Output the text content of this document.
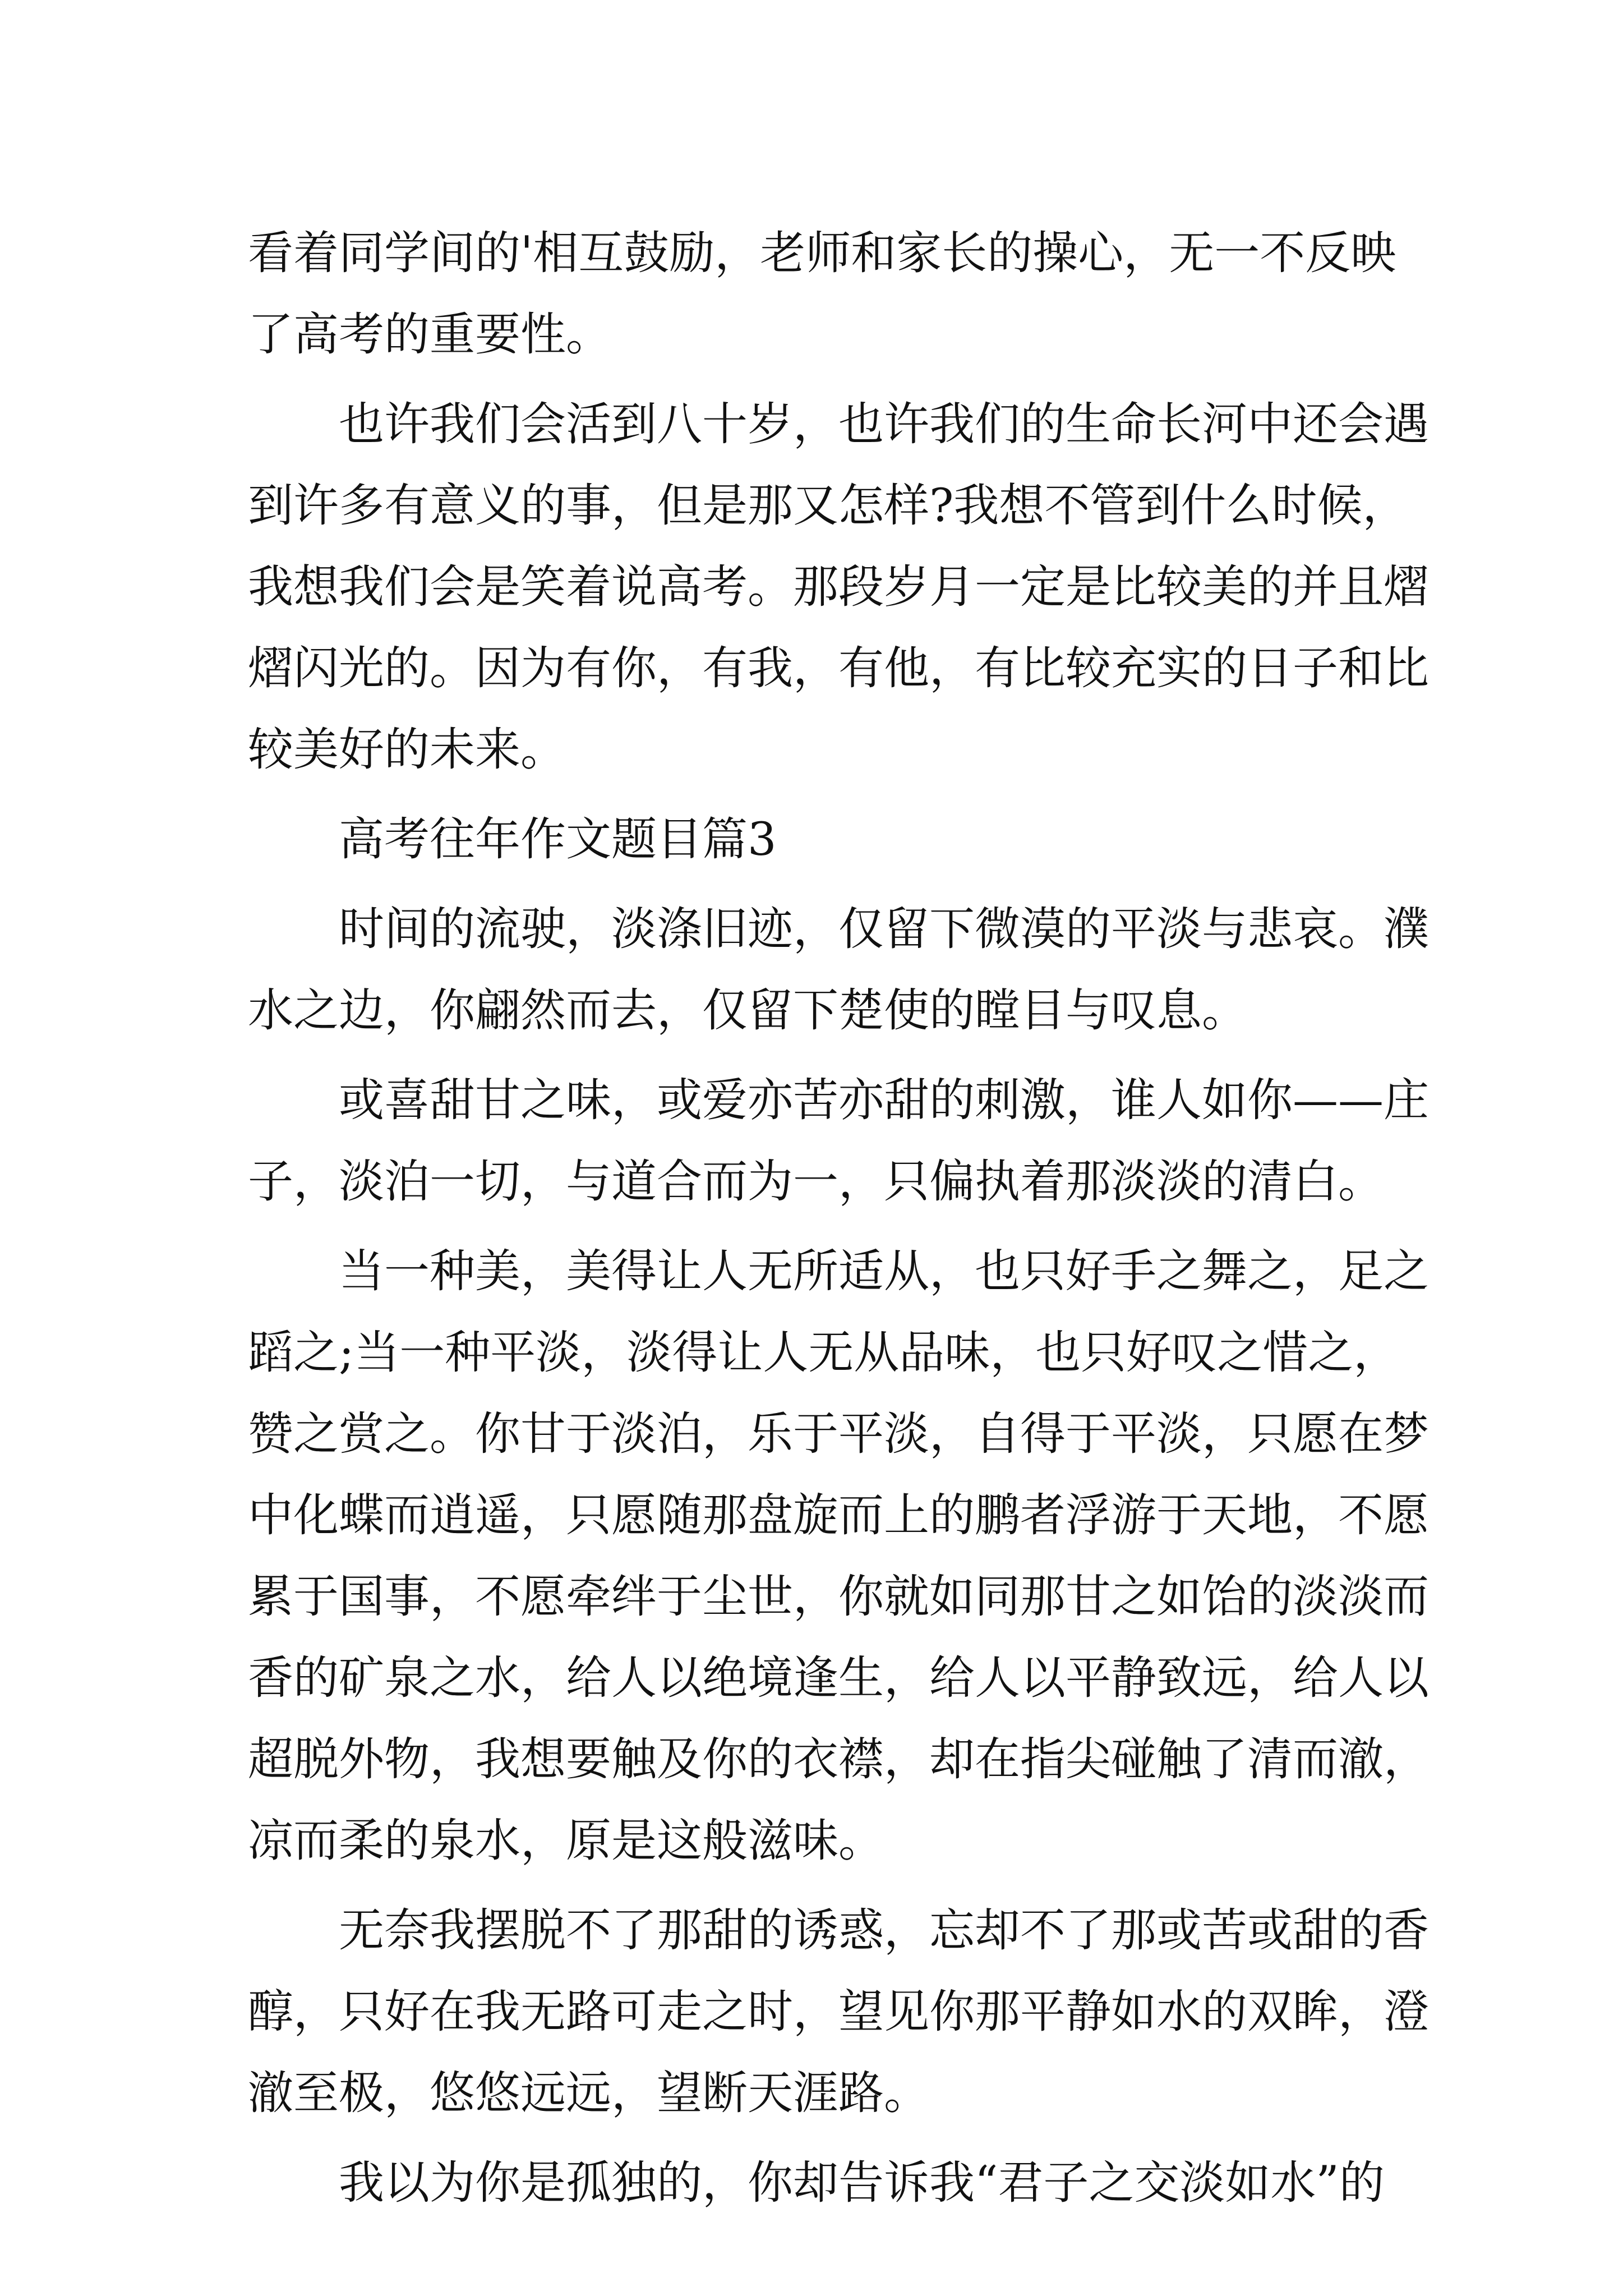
看着同学间的'相互鼓励，老师和家长的操心，无一不反映
了高考的重要性。
也许我们会活到八十岁，也许我们的生命长河中还会遇
到许多有意义的事，但是那又怎样?我想不管到什么时候，
我想我们会是笑着说高考。那段岁月一定是比较美的并且熠
熠闪光的。因为有你，有我，有他，有比较充实的日子和比
较美好的未来。
高考往年作文题目篇3
时间的流驶，淡涤旧迹，仅留下微漠的平淡与悲哀。濮
水之边，你翩然而去，仅留下楚使的瞠目与叹息。
或喜甜甘之味，或爱亦苦亦甜的刺激，谁人如你——庄
子，淡泊一切，与道合而为一，只偏执着那淡淡的清白。
当一种美，美得让人无所适从，也只好手之舞之，足之
蹈之;当一种平淡，淡得让人无从品味，也只好叹之惜之，
赞之赏之。你甘于淡泊，乐于平淡，自得于平淡，只愿在梦
中化蝶而逍遥，只愿随那盘旋而上的鹏者浮游于天地，不愿
累于国事，不愿牵绊于尘世，你就如同那甘之如饴的淡淡而
香的矿泉之水，给人以绝境逢生，给人以平静致远，给人以
超脱外物，我想要触及你的衣襟，却在指尖碰触了清而澈，
凉而柔的泉水，原是这般滋味。
无奈我摆脱不了那甜的诱惑，忘却不了那或苦或甜的香
醇，只好在我无路可走之时，望见你那平静如水的双眸，澄
澈至极，悠悠远远，望断天涯路。
我以为你是孤独的，你却告诉我“君子之交淡如水”的
